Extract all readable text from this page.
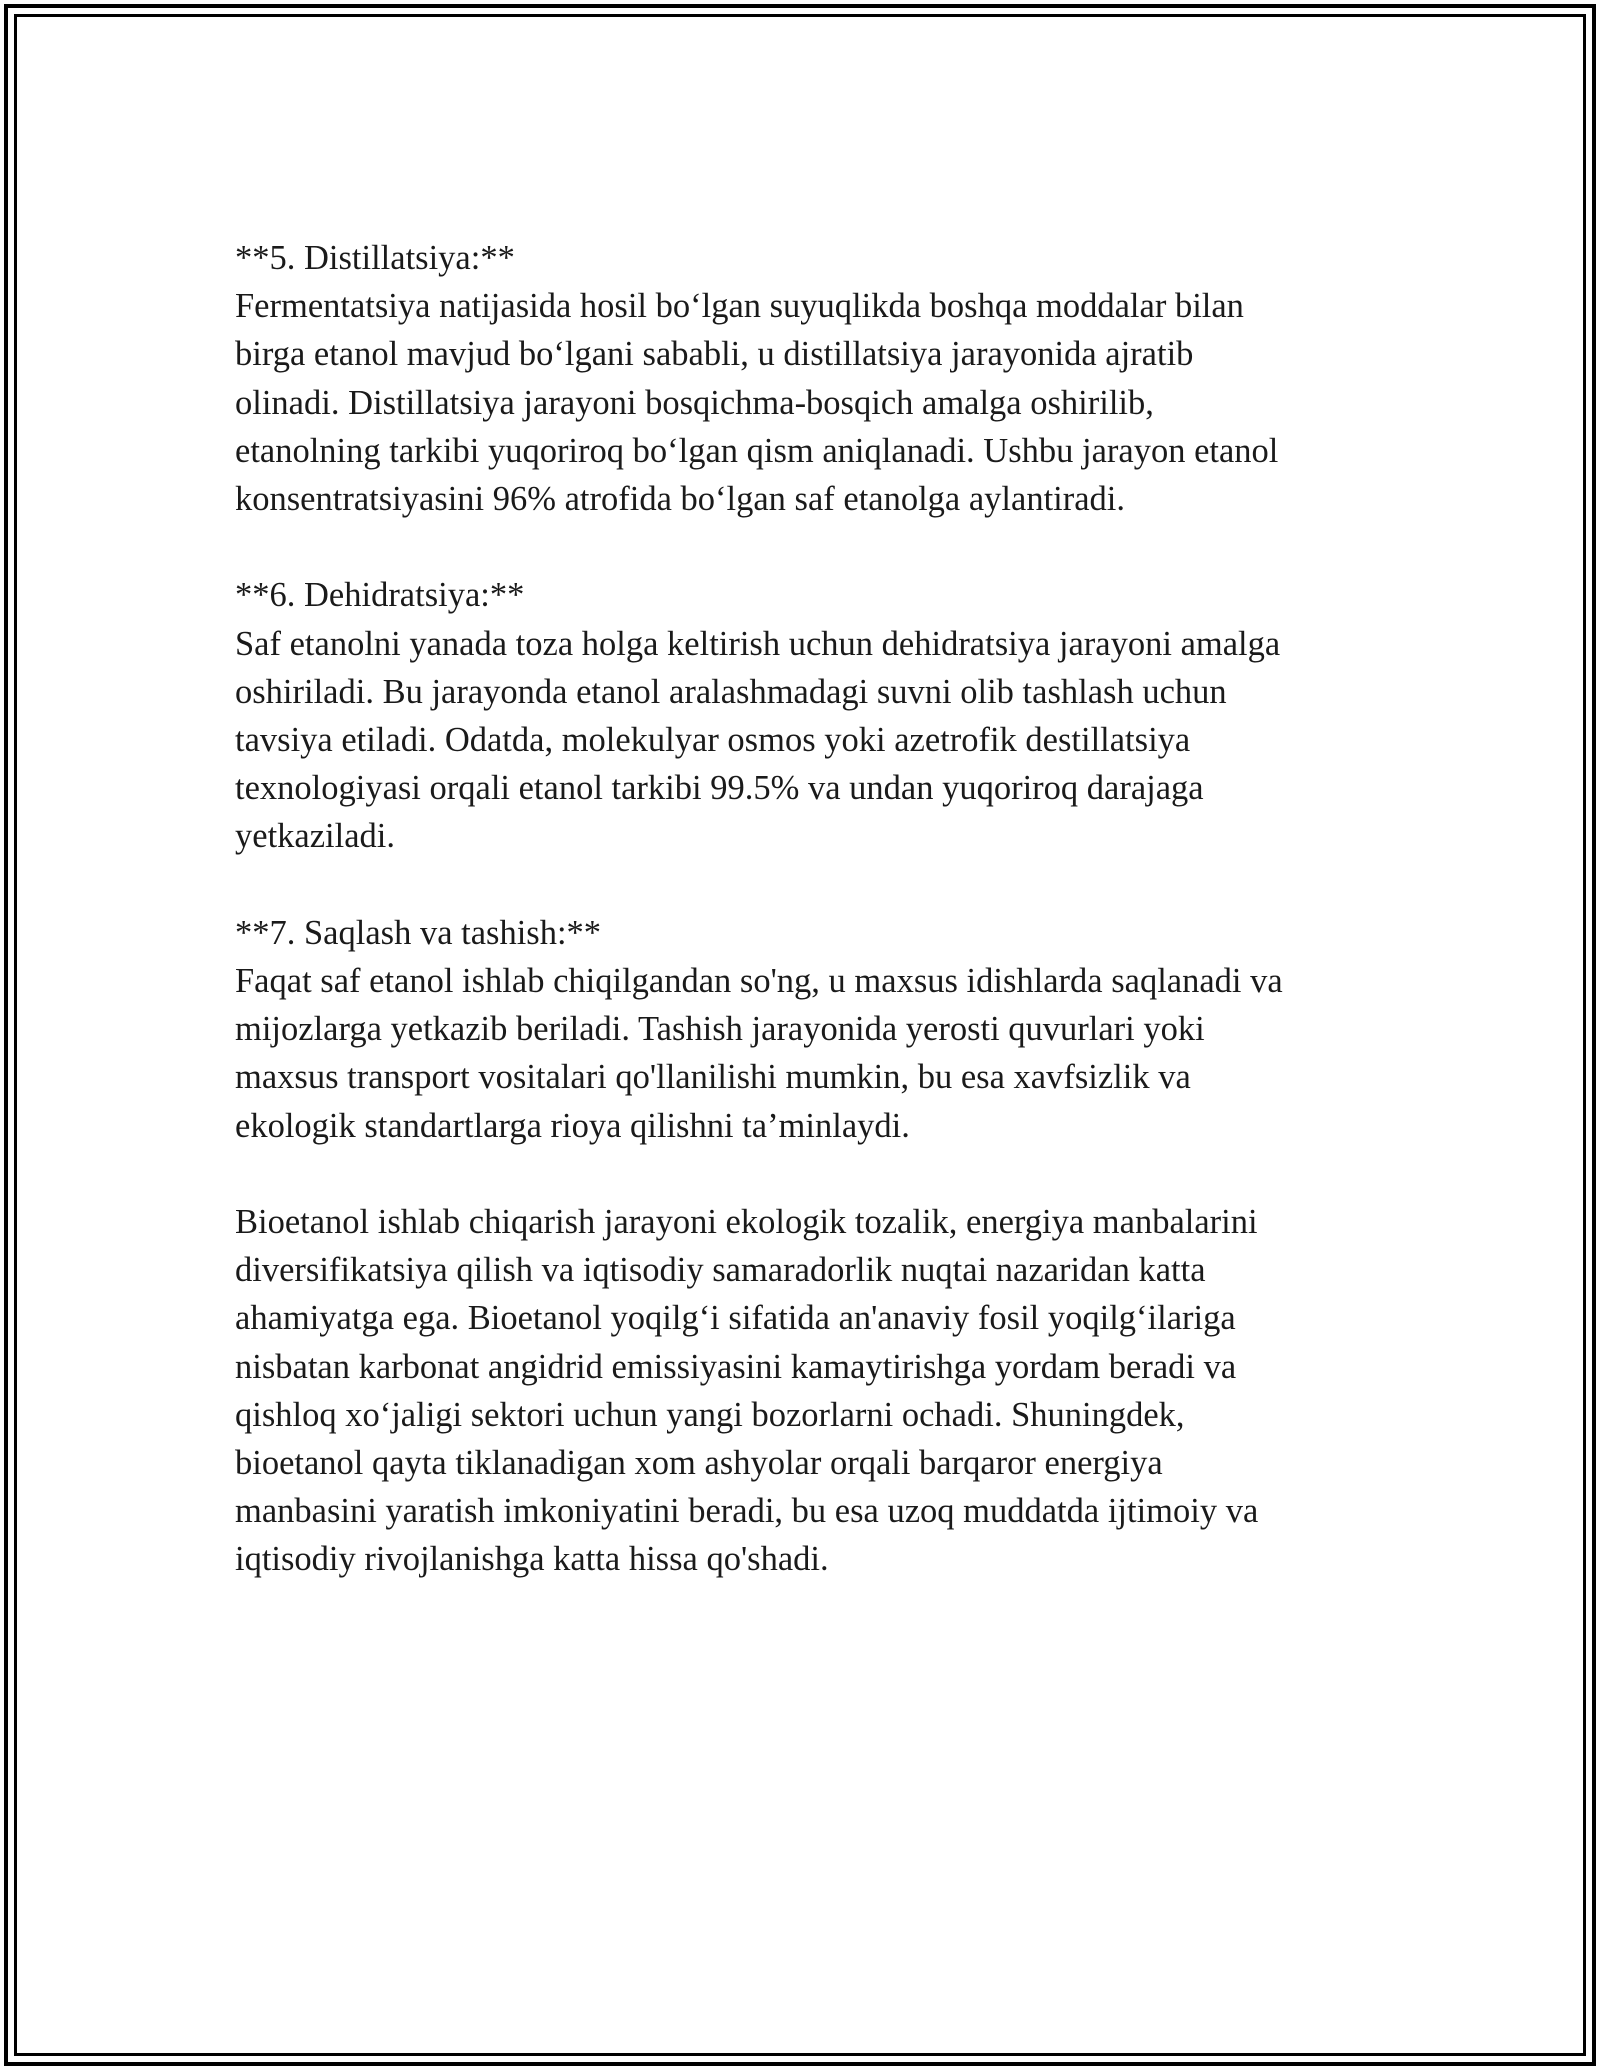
**5. Distillatsiya:**

Fermentatsiya natijasida hosil bo‘lgan suyuqlikda boshqa moddalar bilan
birga etanol mavjud bo‘lgani sababli, u distillatsiya jarayonida ajratib
olinadi. Distillatsiya jarayoni bosqichma-bosqich amalga oshirilib,
etanolning tarkibi yuqoriroq bo‘lgan qism aniqlanadi. Ushbu jarayon etanol
konsentratsiyasini 96% atrofida bo‘lgan saf etanolga aylantiradi.

**6. Dehidratsiya:**

Saf etanolni yanada toza holga keltirish uchun dehidratsiya jarayoni amalga
oshiriladi. Bu jarayonda etanol aralashmadagi suvni olib tashlash uchun
tavsiya etiladi. Odatda, molekulyar osmos yoki azetrofik destillatsiya
texnologiyasi orqali etanol tarkibi 99.5% va undan yuqoriroq darajaga
yetkaziladi.

**7. Saqlash va tashish:**

Faqat saf etanol ishlab chiqilgandan so'ng, u maxsus idishlarda saqlanadi va
mijozlarga yetkazib beriladi. Tashish jarayonida yerosti quvurlari yoki
maxsus transport vositalari qo'llanilishi mumkin, bu esa xavfsizlik va
ekologik standartlarga rioya qilishni ta’minlaydi.

Bioetanol ishlab chiqarish jarayoni ekologik tozalik, energiya manbalarini
diversifikatsiya qilish va iqtisodiy samaradorlik nuqtai nazaridan katta
ahamiyatga ega. Bioetanol yoqilg‘i sifatida an'anaviy fosil yoqilg‘ilariga
nisbatan karbonat angidrid emissiyasini kamaytirishga yordam beradi va
qishloq xo‘jaligi sektori uchun yangi bozorlarni ochadi. Shuningdek,
bioetanol qayta tiklanadigan xom ashyolar orqali barqaror energiya
manbasini yaratish imkoniyatini beradi, bu esa uzoq muddatda ijtimoiy va
iqtisodiy rivojlanishga katta hissa qo'shadi.
